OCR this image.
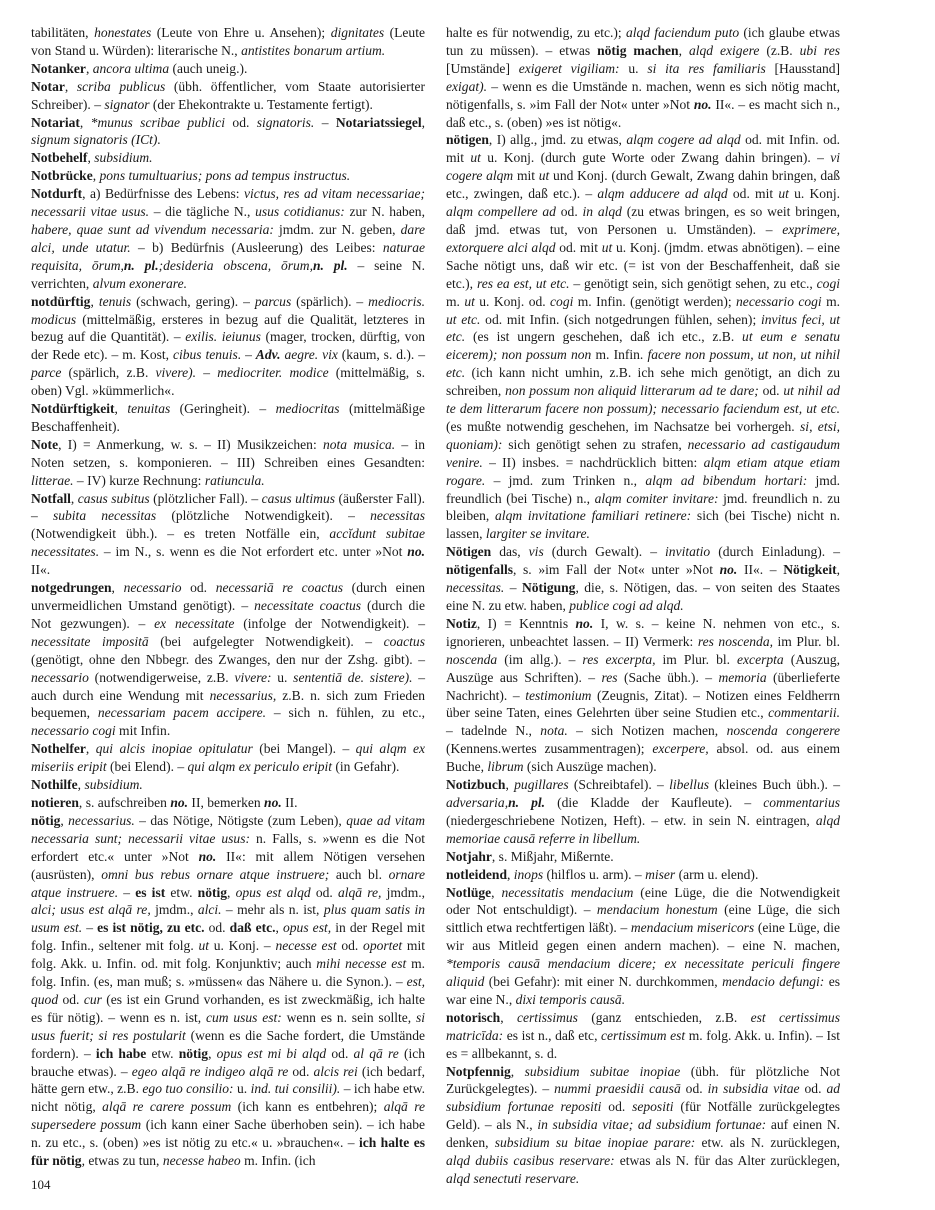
tabilitäten, honestates (Leute von Ehre u. Ansehen); dignitates (Leute von Stand u. Würden): literarische N., antistites bonarum artium.

Notanker, ancora ultima (auch uneig.).

Notar, scriba publicus (übh. öffentlicher, vom Staate autorisierter Schreiber). – signator (der Ehekontrakte u. Testamente fertigt).

Notariat, *munus scribae publici od. signatoris. – Notariatssiegel, signum signatoris (ICt).

Notbehelf, subsidium.

Notbrücke, pons tumultuarius; pons ad tempus instructus.

Notdurft, a) Bedürfnisse des Lebens: victus, res ad vitam necessariae; necessarii vitae usus. – die tägliche N., usus cotidianus: zur N. haben, habere, quae sunt ad vivendum necessaria: jmdm. zur N. geben, dare alci, unde utatur. – b) Bedürfnis (Ausleerung) des Leibes: naturae requisita, ōrum,n. pl.;desideria obscena, ōrum,n. pl. – seine N. verrichten, alvum exonerare.

notdürftig, tenuis (schwach, gering). – parcus (spärlich). – mediocris. modicus (mittelmäßig, ersteres in bezug auf die Qualität, letzteres in bezug auf die Quantität). – exilis. ieiunus (mager, trocken, dürftig, von der Rede etc). – m. Kost, cibus tenuis. – Adv. aegre. vix (kaum, s. d.). – parce (spärlich, z.B. vivere). – mediocriter. modice (mittelmäßig, s. oben) Vgl. »kümmerlich«.

Notdürftigkeit, tenuitas (Geringheit). – mediocritas (mittelmäßige Beschaffenheit).

Note, I) = Anmerkung, w. s. – II) Musikzeichen: nota musica. – in Noten setzen, s. komponieren. – III) Schreiben eines Gesandten: litterae. – IV) kurze Rechnung: ratiuncula.

Notfall, casus subitus (plötzlicher Fall). – casus ultimus (äußerster Fall). – subita necessitas (plötzliche Notwendigkeit). – necessitas (Notwendigkeit übh.). – es treten Notfälle ein, accĭdunt subitae necessitates. – im N., s. wenn es die Not erfordert etc. unter »Not no. II«.

notgedrungen, necessario od. necessariā re coactus (durch einen unvermeidlichen Umstand genötigt). – necessitate coactus (durch die Not gezwungen). – ex necessitate (infolge der Notwendigkeit). – necessitate impositā (bei aufgelegter Notwendigkeit). – coactus (genötigt, ohne den Nbbegr. des Zwanges, den nur der Zshg. gibt). – necessario (notwendigerweise, z.B. vivere: u. sententiā de. sistere). – auch durch eine Wendung mit necessarius, z.B. n. sich zum Frieden bequemen, necessariam pacem accipere. – sich n. fühlen, zu etc., necessario cogi mit Infin.

Nothelfer, qui alcis inopiae opitulatur (bei Mangel). – qui alqm ex miseriis eripit (bei Elend). – qui alqm ex periculo eripit (in Gefahr).

Nothilfe, subsidium.

notieren, s. aufschreiben no. II, bemerken no. II.

nötig, necessarius. – das Nötige, Nötigste (zum Leben), quae ad vitam necessaria sunt; necessarii vitae usus: n. Falls, s. »wenn es die Not erfordert etc.« unter »Not no. II«: mit allem Nötigen versehen (ausrüsten), omni bus rebus ornare atque instruere; auch bl. ornare atque instruere. – es ist etw. nötig, opus est alqd od. alqā re, jmdm., alci; usus est alqā re, jmdm., alci. – mehr als n. ist, plus quam satis in usum est. – es ist nötig, zu etc. od. daß etc., opus est, in der Regel mit folg. Infin., seltener mit folg. ut u. Konj. – necesse est od. oportet mit folg. Akk. u. Infin. od. mit folg. Konjunktiv; auch mihi necesse est m. folg. Infin. (es, man muß; s. »müssen« das Nähere u. die Synon.). – est, quod od. cur (es ist ein Grund vorhanden, es ist zweckmäßig, ich halte es für nötig). – wenn es n. ist, cum usus est: wenn es n. sein sollte, si usus fuerit; si res postularit (wenn es die Sache fordert, die Umstände fordern). – ich habe etw. nötig, opus est mi bi alqd od. al qā re (ich brauche etwas). – egeo alqā re indigeo alqā re od. alcis rei (ich bedarf, hätte gern etw., z.B. ego tuo consilio: u. ind. tui consilii). – ich habe etw. nicht nötig, alqā re carere possum (ich kann es entbehren); alqā re supersedere possum (ich kann einer Sache überhoben sein). – ich habe n. zu etc., s. (oben) »es ist nötig zu etc.« u. »brauchen«. – ich halte es für nötig, etwas zu tun, necesse habeo m. Infin. (ich

halte es für notwendig, zu etc.); alqd faciendum puto (ich glaube etwas tun zu müssen). – etwas nötig machen, alqd exigere (z.B. ubi res [Umstände] exigeret vigiliam: u. si ita res familiaris [Hausstand] exigat). – wenn es die Umstände n. machen, wenn es sich nötig macht, nötigenfalls, s. »im Fall der Not« unter »Not no. II«. – es macht sich n., daß etc., s. (oben) »es ist nötig«.

nötigen, I) allg., jmd. zu etwas, alqm cogere ad alqd od. mit Infin. od. mit ut u. Konj. (durch gute Worte oder Zwang dahin bringen). – vi cogere alqm mit ut und Konj. (durch Gewalt, Zwang dahin bringen, daß etc., zwingen, daß etc.). – alqm adducere ad alqd od. mit ut u. Konj. alqm compellere ad od. in alqd (zu etwas bringen, es so weit bringen, daß jmd. etwas tut, von Personen u. Umständen). – exprimere, extorquere alci alqd od. mit ut u. Konj. (jmdm. etwas abnötigen). – eine Sache nötigt uns, daß wir etc. (= ist von der Beschaffenheit, daß sie etc.), res ea est, ut etc. – genötigt sein, sich genötigt sehen, zu etc., cogi m. ut u. Konj. od. cogi m. Infin. (genötigt werden); necessario cogi m. ut etc. od. mit Infin. (sich notgedrungen fühlen, sehen); invitus feci, ut etc. (es ist ungern geschehen, daß ich etc., z.B. ut eum e senatu eicerem); non possum non m. Infin. facere non possum, ut non, ut nihil etc. (ich kann nicht umhin, z.B. ich sehe mich genötigt, an dich zu schreiben, non possum non aliquid litterarum ad te dare; od. ut nihil ad te dem litterarum facere non possum); necessario faciendum est, ut etc. (es mußte notwendig geschehen, im Nachsatze bei vorhergeh. si, etsi, quoniam): sich genötigt sehen zu strafen, necessario ad castigaudum venire. – II) insbes. = nachdrücklich bitten: alqm etiam atque etiam rogare. – jmd. zum Trinken n., alqm ad bibendum hortari: jmd. freundlich (bei Tische) n., alqm comiter invitare: jmd. freundlich n. zu bleiben, alqm invitatione familiari retinere: sich (bei Tische) nicht n. lassen, largiter se invitare.

Nötigen das, vis (durch Gewalt). – invitatio (durch Einladung). – nötigenfalls, s. »im Fall der Not« unter »Not no. II«. – Nötigkeit, necessitas. – Nötigung, die, s. Nötigen, das. – von seiten des Staates eine N. zu etw. haben, publice cogi ad alqd.

Notiz, I) = Kenntnis no. I, w. s. – keine N. nehmen von etc., s. ignorieren, unbeachtet lassen. – II) Vermerk: res noscenda, im Plur. bl. noscenda (im allg.). – res excerpta, im Plur. bl. excerpta (Auszug, Auszüge aus Schriften). – res (Sache übh.). – memoria (überlieferte Nachricht). – testimonium (Zeugnis, Zitat). – Notizen eines Feldherrn über seine Taten, eines Gelehrten über seine Studien etc., commentarii. – tadelnde N., nota. – sich Notizen machen, noscenda congerere (Kennens.wertes zusammentragen); excerpere, absol. od. aus einem Buche, librum (sich Auszüge machen).

Notizbuch, pugillares (Schreibtafel). – libellus (kleines Buch übh.). – adversaria,n. pl. (die Kladde der Kaufleute). – commentarius (niedergeschriebene Notizen, Heft). – etw. in sein N. eintragen, alqd memoriae causā referre in libellum.

Notjahr, s. Mißjahr, Mißernte.

notleidend, inops (hilflos u. arm). – miser (arm u. elend).

Notlüge, necessitatis mendacium (eine Lüge, die die Notwendigkeit oder Not entschuldigt). – mendacium honestum (eine Lüge, die sich sittlich etwa rechtfertigen läßt). – mendacium misericors (eine Lüge, die wir aus Mitleid gegen einen andern machen). – eine N. machen, *temporis causā mendacium dicere; ex necessitate periculi fingere aliquid (bei Gefahr): mit einer N. durchkommen, mendacio defungi: es war eine N., dixi temporis causā.

notorisch, certissimus (ganz entschieden, z.B. est certissimus matricīda: es ist n., daß etc, certissimum est m. folg. Akk. u. Infin). – Ist es = allbekannt, s. d.

Notpfennig, subsidium subitae inopiae (übh. für plötzliche Not Zurückgelegtes). – nummi praesidii causā od. in subsidia vitae od. ad subsidium fortunae repositi od. sepositi (für Notfälle zurückgelegtes Geld). – als N., in subsidia vitae; ad subsidium fortunae: auf einen N. denken, subsidium su bitae inopiae parare: etw. als N. zurücklegen, alqd dubiis casibus reservare: etwas als N. für das Alter zurücklegen, alqd senectuti reservare.

104
